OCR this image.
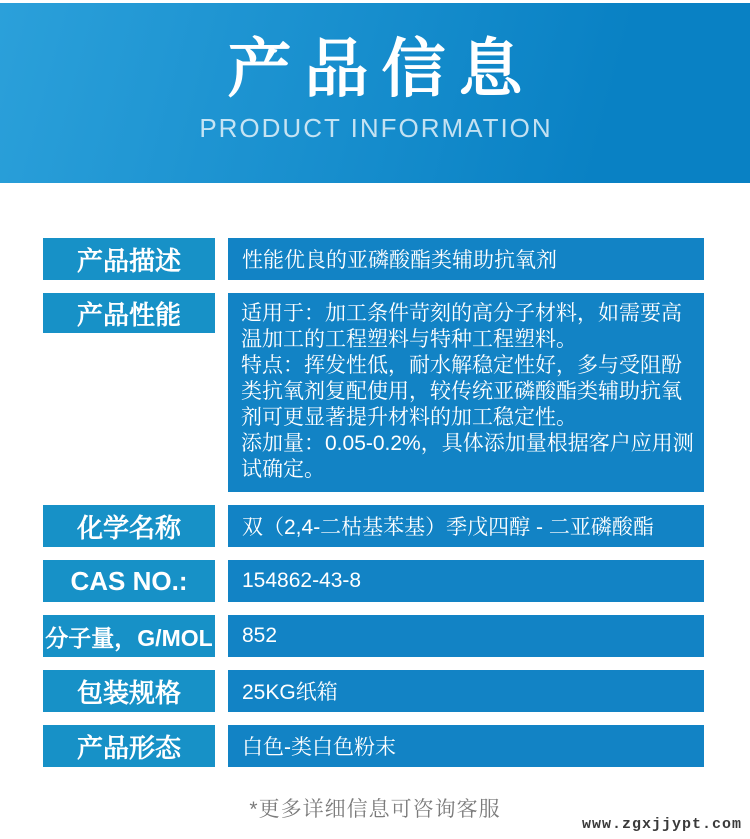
产品信息
PRODUCT INFORMATION
产品描述	性能优良的亚磷酸酯类辅助抗氧剂
产品性能	适用于：加工条件苛刻的高分子材料，如需要高温加工的工程塑料与特种工程塑料。

特点：挥发性低，耐水解稳定性好，多与受阻酚类抗氧剂复配使用，较传统亚磷酸酯类辅助抗氧剂可更显著提升材料的加工稳定性。

添加量：0.05-0.2%，具体添加量根据客户应用测试确定。

化学名称	双（2,4-二枯基苯基）季戊四醇 - 二亚磷酸酯
CAS NO.:	154862-43-8
分子量，G/MOL	852
包装规格	25KG纸箱
产品形态	白色-类白色粉末
*更多详细信息可咨询客服
www.zgxjjypt.com
